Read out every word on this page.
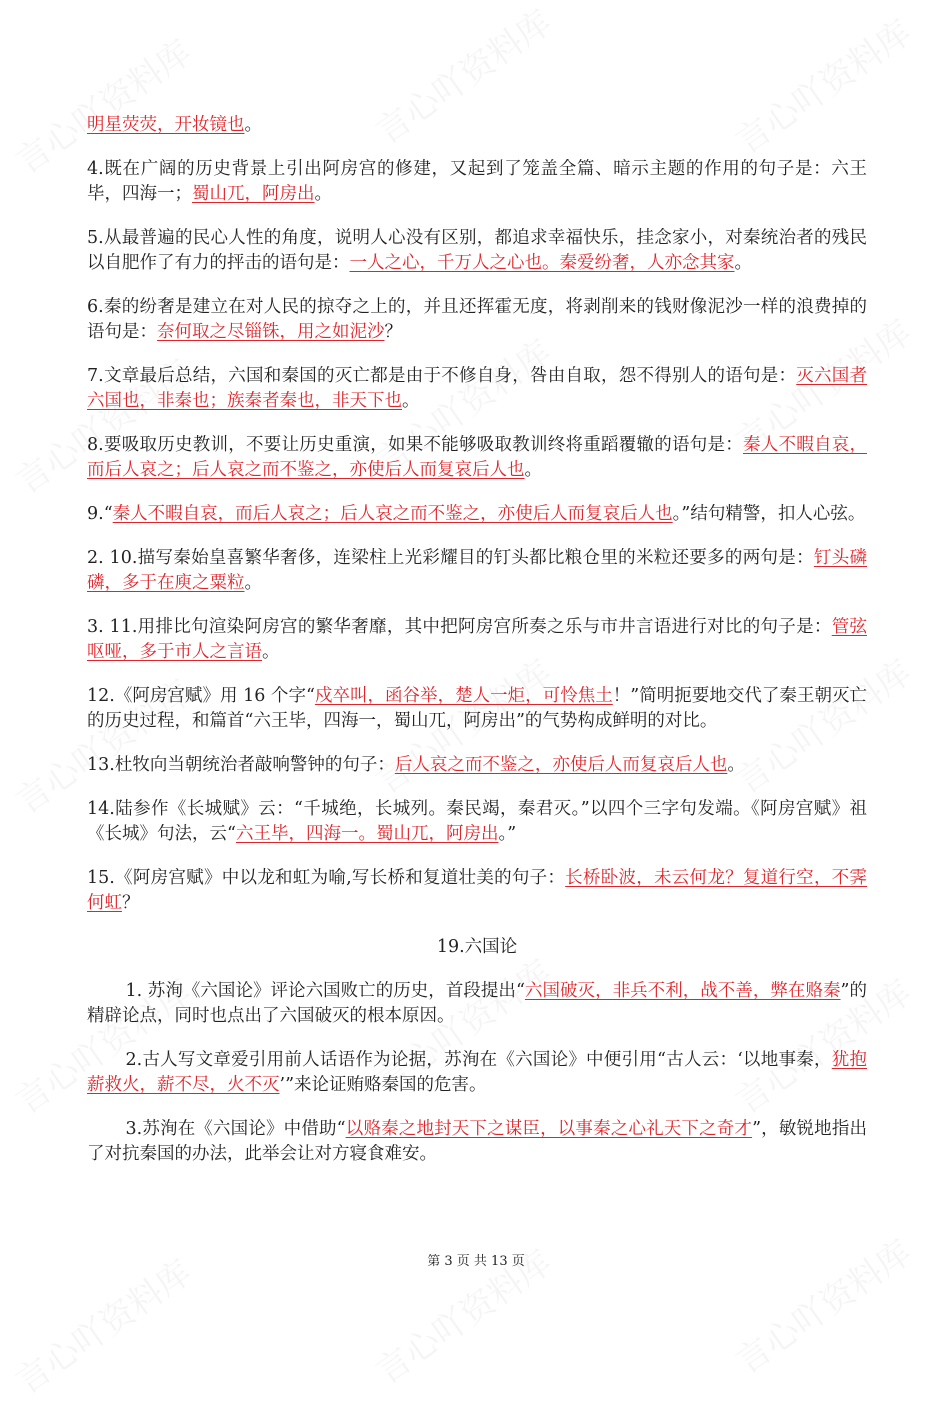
明星荧荧，开妆镜也。
4.既在广阔的历史背景上引出阿房宫的修建，又起到了笼盖全篇、暗示主题的作用的句子是：六王毕，四海一；蜀山兀，阿房出。
5.从最普遍的民心人性的角度，说明人心没有区别，都追求幸福快乐，挂念家小，对秦统治者的残民以自肥作了有力的抨击的语句是：一人之心，千万人之心也。秦爱纷奢，人亦念其家。
6.秦的纷奢是建立在对人民的掠夺之上的，并且还挥霍无度，将剥削来的钱财像泥沙一样的浪费掉的语句是：奈何取之尽锱铢，用之如泥沙？
7.文章最后总结，六国和秦国的灭亡都是由于不修自身，咎由自取，怨不得别人的语句是：灭六国者六国也，非秦也；族秦者秦也，非天下也。
8.要吸取历史教训，不要让历史重演，如果不能够吸取教训终将重蹈覆辙的语句是：秦人不暇自哀，而后人哀之；后人哀之而不鉴之，亦使后人而复哀后人也。
9.“秦人不暇自哀，而后人哀之；后人哀之而不鉴之，亦使后人而复哀后人也。”结句精警，扣人心弦。
2. 10.描写秦始皇喜繁华奢侈，连梁柱上光彩耀目的钉头都比粮仓里的米粒还要多的两句是：钉头磷磷，多于在庾之粟粒。
3. 11.用排比句渲染阿房宫的繁华奢靡，其中把阿房宫所奏之乐与市井言语进行对比的句子是：管弦呕哑，多于市人之言语。
12.《阿房宫赋》用 16 个字“戍卒叫，函谷举，楚人一炬，可怜焦土！”简明扼要地交代了秦王朝灭亡的历史过程，和篇首“六王毕，四海一，蜀山兀，阿房出”的气势构成鲜明的对比。
13.杜牧向当朝统治者敲响警钟的句子：后人哀之而不鉴之，亦使后人而复哀后人也。
14.陆参作《长城赋》云：“千城绝，长城列。秦民竭，秦君灭。”以四个三字句发端。《阿房宫赋》祖《长城》句法，云“六王毕，四海一。蜀山兀，阿房出。”
15.《阿房宫赋》中以龙和虹为喻,写长桥和复道壮美的句子：长桥卧波，未云何龙？复道行空，不霁何虹？
19.六国论
1. 苏洵《六国论》评论六国败亡的历史，首段提出“六国破灭，非兵不利，战不善，弊在赂秦”的精辟论点，同时也点出了六国破灭的根本原因。
2.古人写文章爱引用前人话语作为论据，苏洵在《六国论》中便引用“古人云：‘以地事秦，犹抱薪救火，薪不尽，火不灭’”来论证贿赂秦国的危害。
3.苏洵在《六国论》中借助“以赂秦之地封天下之谋臣，以事秦之心礼天下之奇才”，敏锐地指出了对抗秦国的办法，此举会让对方寝食难安。
第 3 页 共 13 页
